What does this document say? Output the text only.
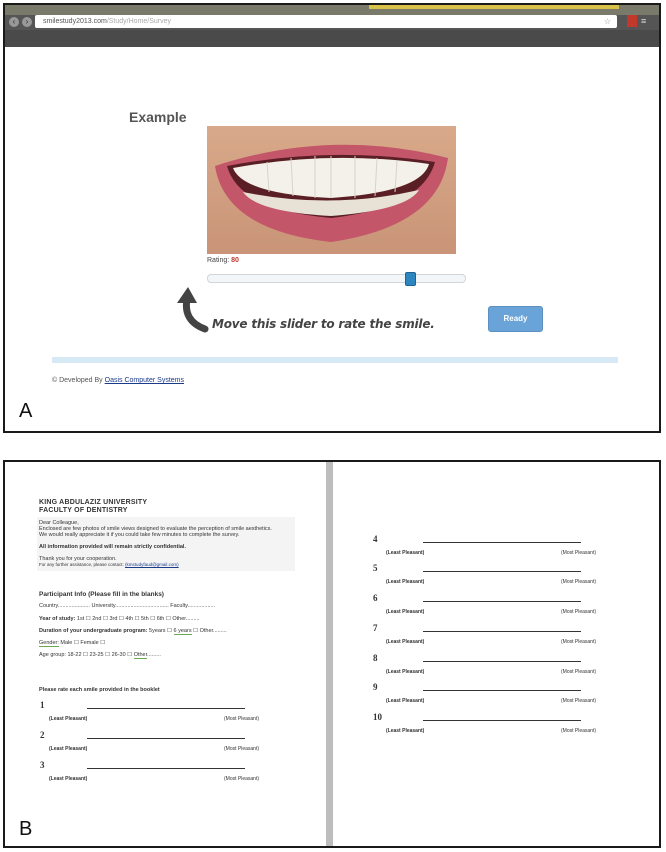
‹	›	smilestudy2013.com/Study/Home/Survey	☆	≡
Example
Rating: 80
Move this slider to rate the smile.	Ready
© Developed By Oasis Computer Systems
A
KING ABDULAZIZ UNIVERSITY
FACULTY OF DENTISTRY
Dear Colleague,
Enclosed are few photos of smile views designed to evaluate the perception of smile aesthetics.
We would really appreciate it if you could take few minutes to complete the survey.
All information provided will remain strictly confidential.
Thank you for your cooperation.
For any further assistance, please contact: (kmstudyfaud@gmail.com)
Participant Info (Please fill in the blanks)
Country..................... University................................... Faculty..................
Year of study: 1st ☐ 2nd ☐ 3rd ☐ 4th ☐ 5th ☐ 6th ☐ Other.........
Duration of your undergraduate program: 5years ☐ 6 years ☐ Other.........
Gender: Male ☐ Female ☐
Age group: 18-22 ☐ 23-25 ☐ 26-30 ☐ Other.........
Please rate each smile provided in the booklet
1
(Least Pleasant)	(Most Pleasant)
2
(Least Pleasant)	(Most Pleasant)
3
(Least Pleasant)	(Most Pleasant)
4
(Least Pleasant)	(Most Pleasant)
5
(Least Pleasant)	(Most Pleasant)
6
(Least Pleasant)	(Most Pleasant)
7
(Least Pleasant)	(Most Pleasant)
8
(Least Pleasant)	(Most Pleasant)
9
(Least Pleasant)	(Most Pleasant)
10
(Least Pleasant)	(Most Pleasant)
B
